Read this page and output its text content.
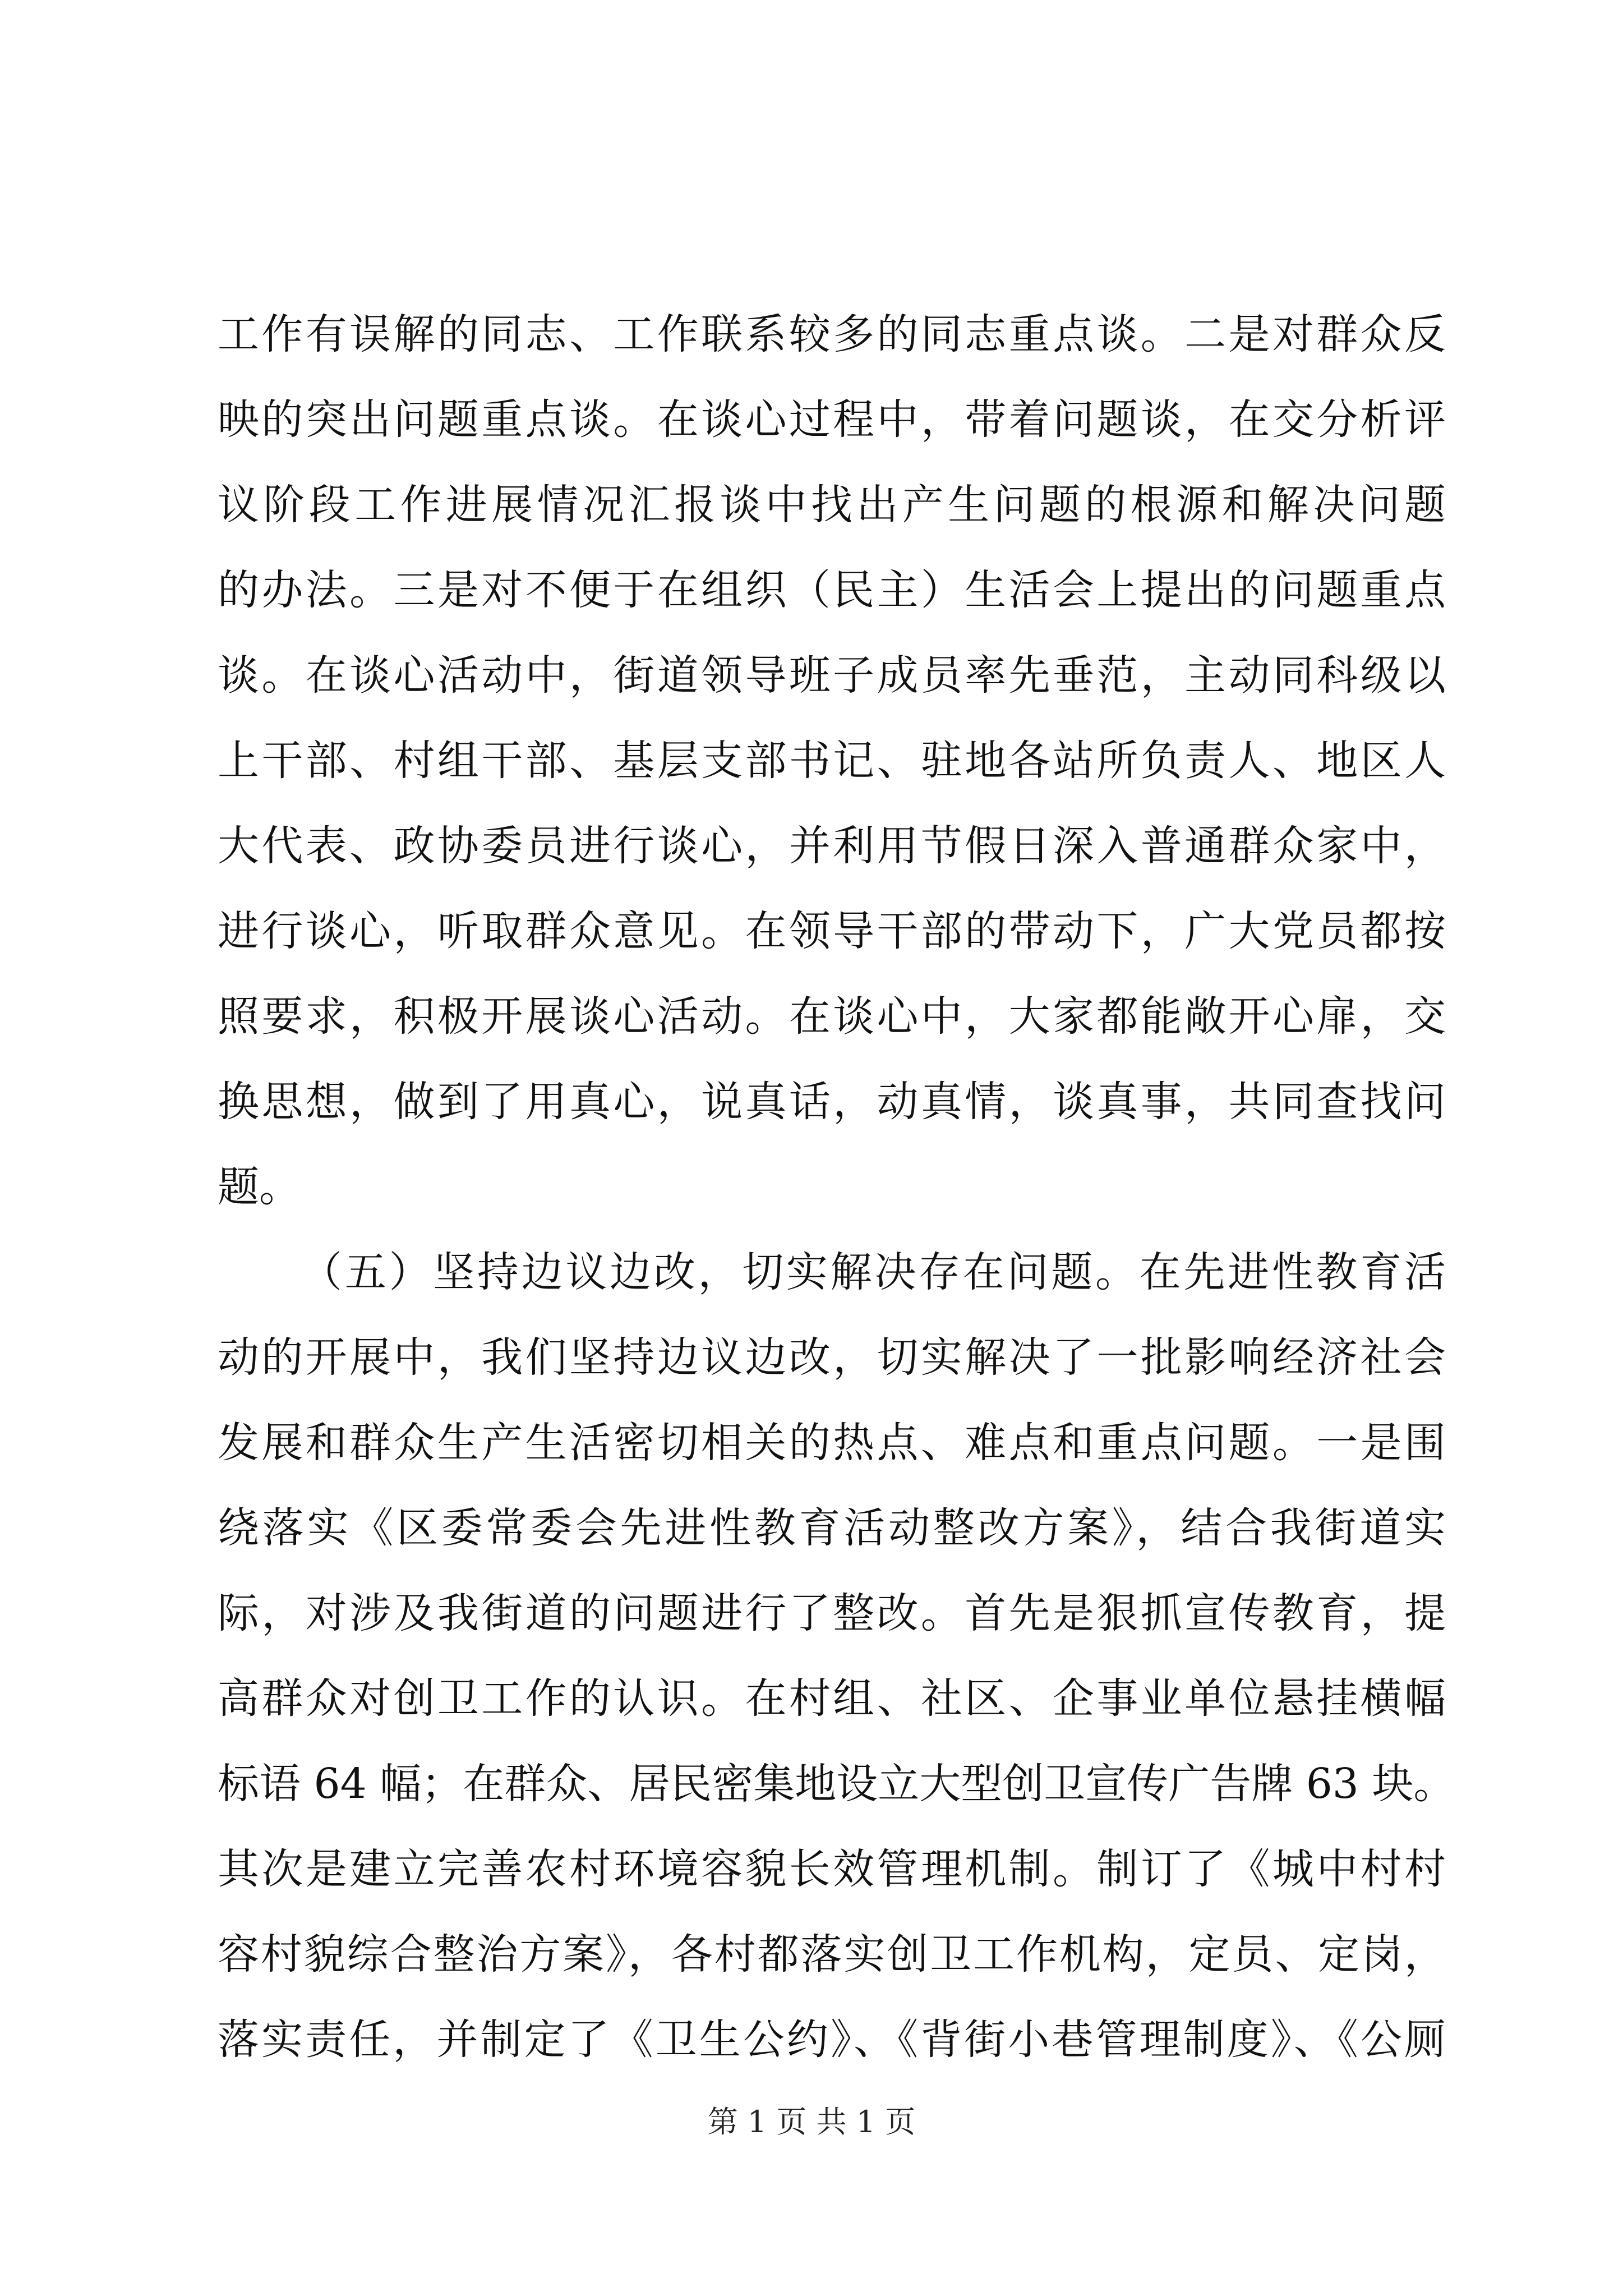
工作有误解的同志、工作联系较多的同志重点谈。二是对群众反
映的突出问题重点谈。在谈心过程中，带着问题谈，在交分析评
议阶段工作进展情况汇报谈中找出产生问题的根源和解决问题
的办法。三是对不便于在组织（民主）生活会上提出的问题重点
谈。在谈心活动中，街道领导班子成员率先垂范，主动同科级以
上干部、村组干部、基层支部书记、驻地各站所负责人、地区人
大代表、政协委员进行谈心，并利用节假日深入普通群众家中，
进行谈心，听取群众意见。在领导干部的带动下，广大党员都按
照要求，积极开展谈心活动。在谈心中，大家都能敞开心扉，交
换思想，做到了用真心，说真话，动真情，谈真事，共同查找问
题。
（五）坚持边议边改，切实解决存在问题。在先进性教育活
动的开展中，我们坚持边议边改，切实解决了一批影响经济社会
发展和群众生产生活密切相关的热点、难点和重点问题。一是围
绕落实《区委常委会先进性教育活动整改方案》，结合我街道实
际，对涉及我街道的问题进行了整改。首先是狠抓宣传教育，提
高群众对创卫工作的认识。在村组、社区、企事业单位悬挂横幅
标语 64 幅；在群众、居民密集地设立大型创卫宣传广告牌 63 块。
其次是建立完善农村环境容貌长效管理机制。制订了《城中村村
容村貌综合整治方案》，各村都落实创卫工作机构，定员、定岗，
落实责任，并制定了《卫生公约》、《背街小巷管理制度》、《公厕
第 1 页 共 1 页
